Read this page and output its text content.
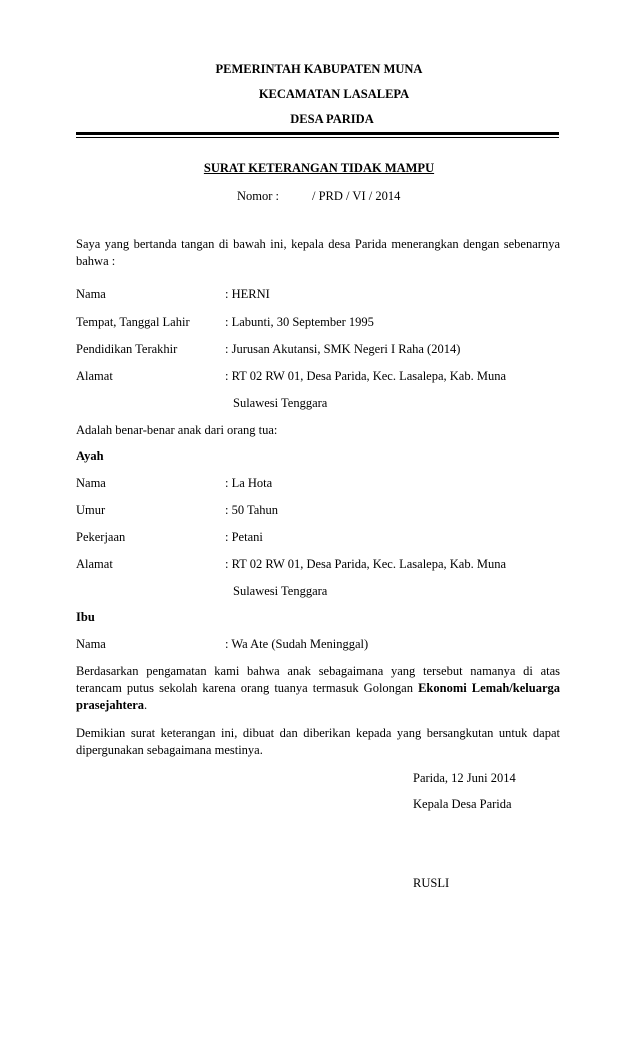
PEMERINTAH KABUPATEN MUNA
KECAMATAN LASALEPA
DESA PARIDA
SURAT KETERANGAN TIDAK MAMPU
Nomor :	/ PRD / VI / 2014
Saya yang bertanda tangan di bawah ini, kepala desa Parida menerangkan dengan sebenarnya bahwa :
Nama	: HERNI
Tempat, Tanggal Lahir	: Labunti, 30 September 1995
Pendidikan Terakhir	: Jurusan Akutansi, SMK Negeri I Raha (2014)
Alamat	: RT 02 RW 01, Desa Parida, Kec. Lasalepa, Kab. Muna
Sulawesi Tenggara
Adalah benar-benar anak dari orang tua:
Ayah
Nama	: La Hota
Umur	: 50 Tahun
Pekerjaan	: Petani
Alamat	: RT 02 RW 01, Desa Parida, Kec. Lasalepa, Kab. Muna
Sulawesi Tenggara
Ibu
Nama	: Wa Ate (Sudah Meninggal)
Berdasarkan pengamatan kami bahwa anak sebagaimana yang tersebut namanya di atas terancam putus sekolah karena orang tuanya termasuk Golongan Ekonomi Lemah/keluarga prasejahtera.
Demikian surat keterangan ini, dibuat dan diberikan kepada yang bersangkutan untuk dapat dipergunakan sebagaimana mestinya.
Parida, 12 Juni 2014
Kepala Desa Parida
RUSLI
